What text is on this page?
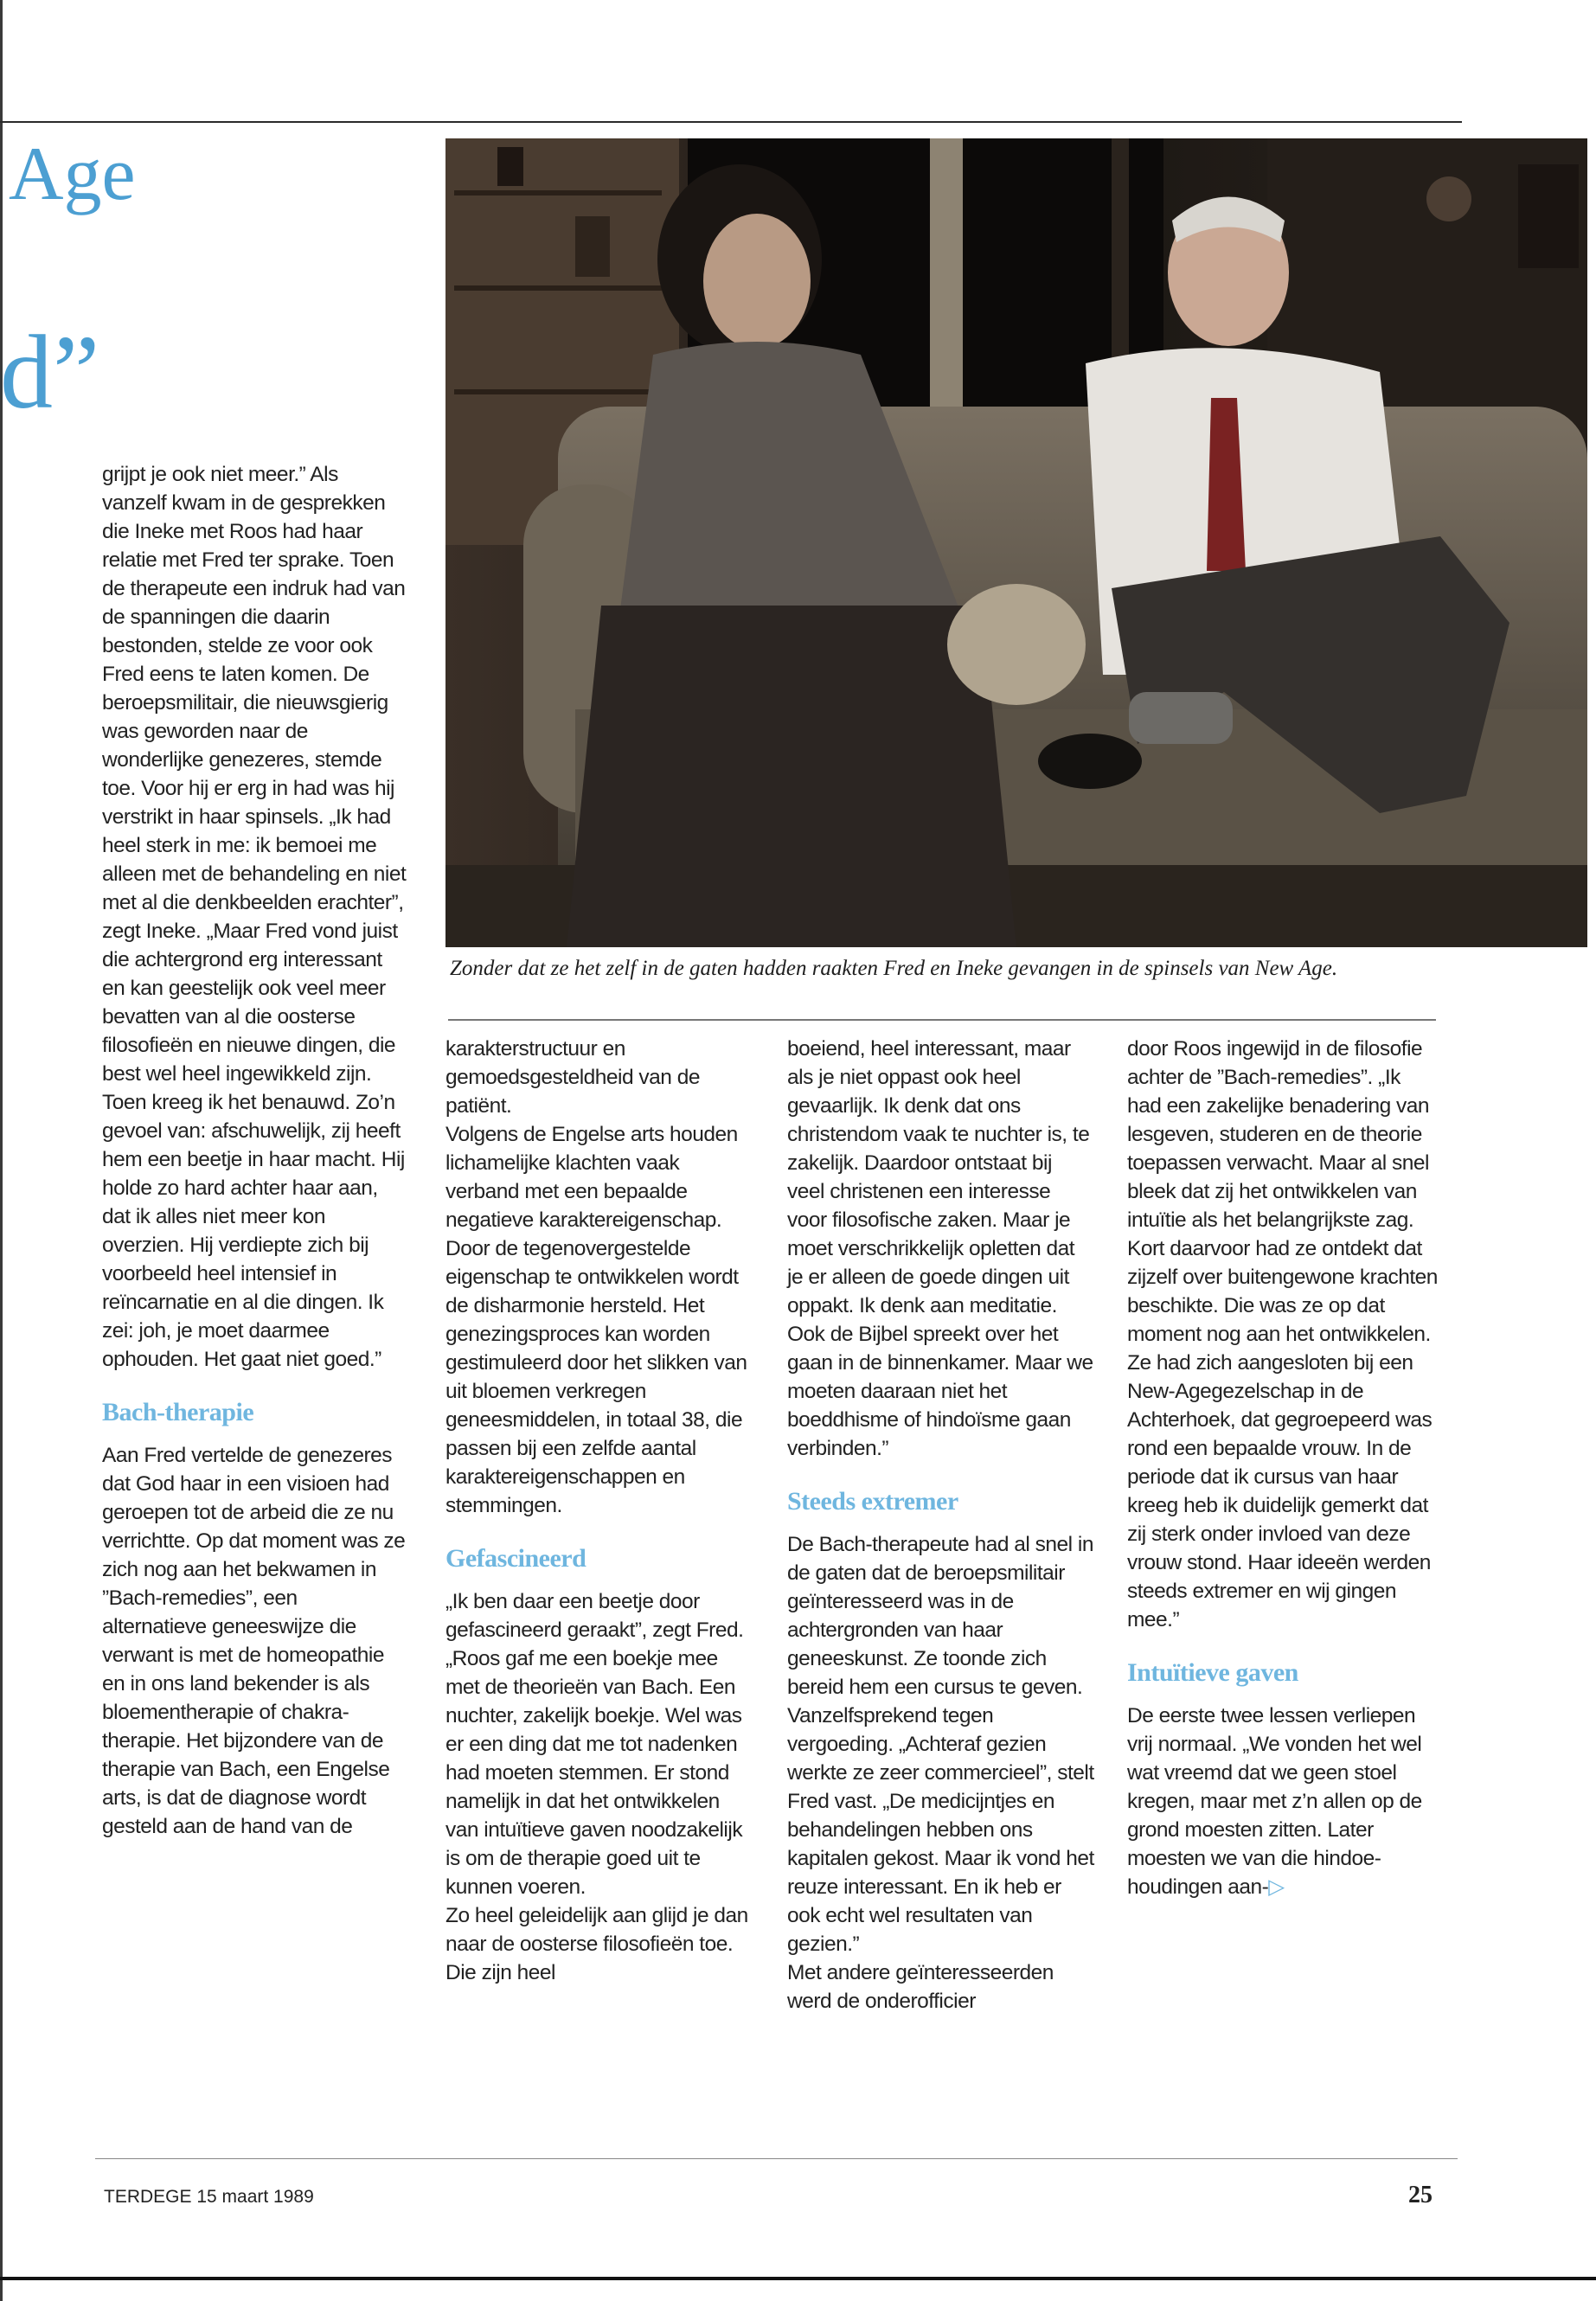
Age
d”
Zonder dat ze het zelf in de gaten hadden raakten Fred en Ineke gevangen in de spinsels van New Age.

grijpt je ook niet meer.” Als vanzelf kwam in de gesprekken die Ineke met Roos had haar relatie met Fred ter sprake. Toen de therapeute een indruk had van de spanningen die daarin bestonden, stelde ze voor ook Fred eens te laten komen. De beroepsmilitair, die nieuwsgierig was geworden naar de wonderlijke genezeres, stemde toe. Voor hij er erg in had was hij verstrikt in haar spinsels. „Ik had heel sterk in me: ik bemoei me alleen met de behandeling en niet met al die denkbeelden erachter”, zegt Ineke. „Maar Fred vond juist die achtergrond erg interessant en kan geestelijk ook veel meer bevatten van al die oosterse filosofieën en nieuwe dingen, die best wel heel ingewikkeld zijn. Toen kreeg ik het benauwd. Zo’n gevoel van: afschuwelijk, zij heeft hem een beetje in haar macht. Hij holde zo hard achter haar aan, dat ik alles niet meer kon overzien. Hij verdiepte zich bij voorbeeld heel intensief in reïncarnatie en al die dingen. Ik zei: joh, je moet daarmee ophouden. Het gaat niet goed.”

Bach-therapie

Aan Fred vertelde de genezeres dat God haar in een visioen had geroepen tot de arbeid die ze nu verrichtte. Op dat moment was ze zich nog aan het bekwamen in ”Bach-remedies”, een alternatieve geneeswijze die verwant is met de homeopathie en in ons land bekender is als bloementherapie of chakra-therapie. Het bijzondere van de therapie van Bach, een Engelse arts, is dat de diagnose wordt gesteld aan de hand van de

karakterstructuur en gemoedsgesteldheid van de patiënt.

Volgens de Engelse arts houden lichamelijke klachten vaak verband met een bepaalde negatieve karaktereigenschap. Door de tegenovergestelde eigenschap te ontwikkelen wordt de disharmonie hersteld. Het genezingsproces kan worden gestimuleerd door het slikken van uit bloemen verkregen geneesmiddelen, in totaal 38, die passen bij een zelfde aantal karaktereigenschappen en stemmingen.

Gefascineerd

„Ik ben daar een beetje door gefascineerd geraakt”, zegt Fred. „Roos gaf me een boekje mee met de theorieën van Bach. Een nuchter, zakelijk boekje. Wel was er een ding dat me tot nadenken had moeten stemmen. Er stond namelijk in dat het ontwikkelen van intuïtieve gaven noodzakelijk is om de therapie goed uit te kunnen voeren.

Zo heel geleidelijk aan glijd je dan naar de oosterse filosofieën toe. Die zijn heel

boeiend, heel interessant, maar als je niet oppast ook heel gevaarlijk. Ik denk dat ons christendom vaak te nuchter is, te zakelijk. Daardoor ontstaat bij veel christenen een interesse voor filosofische zaken. Maar je moet verschrikkelijk opletten dat je er alleen de goede dingen uit oppakt. Ik denk aan meditatie. Ook de Bijbel spreekt over het gaan in de binnenkamer. Maar we moeten daaraan niet het boeddhisme of hindoïsme gaan verbinden.”

Steeds extremer

De Bach-therapeute had al snel in de gaten dat de beroepsmilitair geïnteresseerd was in de achtergronden van haar geneeskunst. Ze toonde zich bereid hem een cursus te geven. Vanzelfsprekend tegen vergoeding. „Achteraf gezien werkte ze zeer commercieel”, stelt Fred vast. „De medicijntjes en behandelingen hebben ons kapitalen gekost. Maar ik vond het reuze interessant. En ik heb er ook echt wel resultaten van gezien.”

Met andere geïnteresseerden werd de onderofficier

door Roos ingewijd in de filosofie achter de ”Bach-remedies”. „Ik had een zakelijke benadering van lesgeven, studeren en de theorie toepassen verwacht. Maar al snel bleek dat zij het ontwikkelen van intuïtie als het belangrijkste zag.

Kort daarvoor had ze ontdekt dat zijzelf over buitengewone krachten beschikte. Die was ze op dat moment nog aan het ontwikkelen. Ze had zich aangesloten bij een New-Agegezelschap in de Achterhoek, dat gegroepeerd was rond een bepaalde vrouw. In de periode dat ik cursus van haar kreeg heb ik duidelijk gemerkt dat zij sterk onder invloed van deze vrouw stond. Haar ideeën werden steeds extremer en wij gingen mee.”

Intuïtieve gaven

De eerste twee lessen verliepen vrij normaal. „We vonden het wel wat vreemd dat we geen stoel kregen, maar met z’n allen op de grond moesten zitten. Later moesten we van die hindoe-houdingen aan-▷

TERDEGE 15 maart 1989	25
